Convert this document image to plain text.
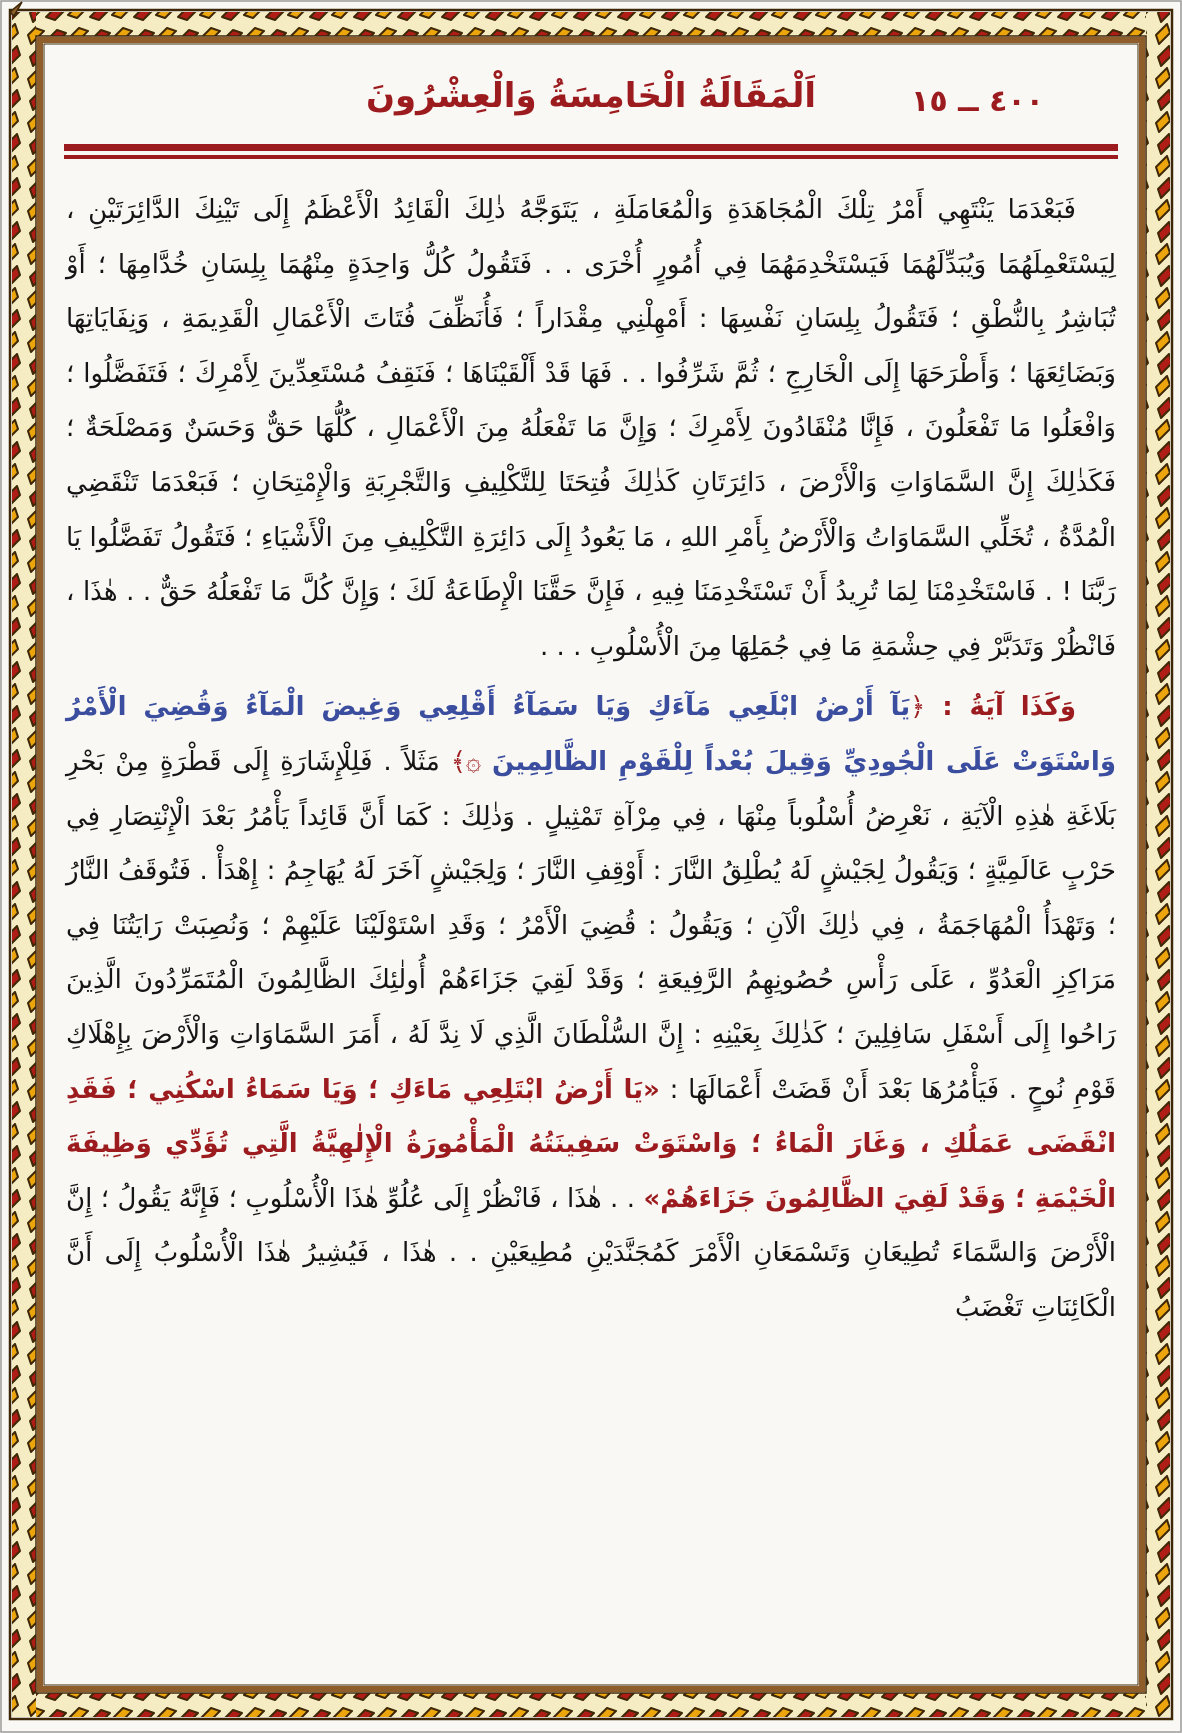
٤٠٠ ــ ١٥
اَلْمَقَالَةُ الْخَامِسَةُ وَالْعِشْرُونَ

فَبَعْدَمَا يَنْتَهِي أَمْرُ تِلْكَ الْمُجَاهَدَةِ وَالْمُعَامَلَةِ ، يَتَوَجَّهُ ذٰلِكَ الْقَائِدُ الْأَعْظَمُ إِلَى تَيْنِكَ الدَّائِرَتَيْنِ ، لِيَسْتَعْمِلَهُمَا وَيُبَدِّلَهُمَا فَيَسْتَخْدِمَهُمَا فِي أُمُورٍ أُخْرَى . . فَتَقُولُ كُلُّ وَاحِدَةٍ مِنْهُمَا بِلِسَانِ خُدَّامِهَا ؛ أَوْ تُبَاشِرُ بِالنُّطْقِ ؛ فَتَقُولُ بِلِسَانِ نَفْسِهَا : أَمْهِلْنِي مِقْدَاراً ؛ فَأُنَظِّفَ فُتَاتَ الْأَعْمَالِ الْقَدِيمَةِ ، وَنِفَايَاتِهَا وَبَضَائِعَهَا ؛ وَأَطْرَحَهَا إِلَى الْخَارِجِ ؛ ثُمَّ شَرِّفُوا . . فَهَا قَدْ أَلْقَيْنَاهَا ؛ فَنَقِفُ مُسْتَعِدِّينَ لِأَمْرِكَ ؛ فَتَفَضَّلُوا ؛ وَافْعَلُوا مَا تَفْعَلُونَ ، فَإِنَّا مُنْقَادُونَ لِأَمْرِكَ ؛ وَإِنَّ مَا تَفْعَلُهُ مِنَ الْأَعْمَالِ ، كُلُّهَا حَقٌّ وَحَسَنٌ وَمَصْلَحَةٌ ؛ فَكَذٰلِكَ إِنَّ السَّمَاوَاتِ وَالْأَرْضَ ، دَائِرَتَانِ كَذٰلِكَ فُتِحَتَا لِلتَّكْلِيفِ وَالتَّجْرِبَةِ وَالْإِمْتِحَانِ ؛ فَبَعْدَمَا تَنْقَضِي الْمُدَّةُ ، تُخَلِّي السَّمَاوَاتُ وَالْأَرْضُ بِأَمْرِ اللهِ ، مَا يَعُودُ إِلَى دَائِرَةِ التَّكْلِيفِ مِنَ الْأَشْيَاءِ ؛ فَتَقُولُ تَفَضَّلُوا يَا رَبَّنَا ! . فَاسْتَخْدِمْنَا لِمَا تُرِيدُ أَنْ تَسْتَخْدِمَنَا فِيهِ ، فَإِنَّ حَقَّنَا الْإِطَاعَةُ لَكَ ؛ وَإِنَّ كُلَّ مَا تَفْعَلُهُ حَقٌّ . . هٰذَا ، فَانْظُرْ وَتَدَبَّرْ فِي حِشْمَةِ مَا فِي جُمَلِهَا مِنَ الْأُسْلُوبِ . . .

وَكَذَا آيَةُ : ﴿يَآ أَرْضُ ابْلَعِي مَآءَكِ وَيَا سَمَآءُ أَقْلِعِي وَغِيضَ الْمَآءُ وَقُضِيَ الْأَمْرُ وَاسْتَوَتْ عَلَى الْجُودِيِّ وَقِيلَ بُعْداً لِلْقَوْمِ الظَّالِمِينَ ۞﴾ مَثَلاً . فَلِلْإِشَارَةِ إِلَى قَطْرَةٍ مِنْ بَحْرِ بَلَاغَةِ هٰذِهِ الْآيَةِ ، نَعْرِضُ أُسْلُوباً مِنْهَا ، فِي مِرْآةِ تَمْثِيلٍ . وَذٰلِكَ : كَمَا أَنَّ قَائِداً يَأْمُرُ بَعْدَ الْإِنْتِصَارِ فِي حَرْبٍ عَالَمِيَّةٍ ؛ وَيَقُولُ لِجَيْشٍ لَهُ يُطْلِقُ النَّارَ : أَوْقِفِ النَّارَ ؛ وَلِجَيْشٍ آخَرَ لَهُ يُهَاجِمُ : إِهْدَأْ . فَتُوقَفُ النَّارُ ؛ وَتَهْدَأُ الْمُهَاجَمَةُ ، فِي ذٰلِكَ الْآنِ ؛ وَيَقُولُ : قُضِيَ الْأَمْرُ ؛ وَقَدِ اسْتَوْلَيْنَا عَلَيْهِمْ ؛ وَنُصِبَتْ رَايَتُنَا فِي مَرَاكِزِ الْعَدُوِّ ، عَلَى رَأْسِ حُصُونِهِمُ الرَّفِيعَةِ ؛ وَقَدْ لَقِيَ جَزَاءَهُمْ أُولٰئِكَ الظَّالِمُونَ الْمُتَمَرِّدُونَ الَّذِينَ رَاحُوا إِلَى أَسْفَلِ سَافِلِينَ ؛ كَذٰلِكَ بِعَيْنِهِ : إِنَّ السُّلْطَانَ الَّذِي لَا نِدَّ لَهُ ، أَمَرَ السَّمَاوَاتِ وَالْأَرْضَ بِإِهْلَاكِ قَوْمِ نُوحٍ . فَيَأْمُرُهَا بَعْدَ أَنْ قَضَتْ أَعْمَالَهَا : «يَا أَرْضُ ابْتَلِعِي مَاءَكِ ؛ وَيَا سَمَاءُ اسْكُنِي ؛ فَقَدِ انْقَضَى عَمَلُكِ ، وَغَارَ الْمَاءُ ؛ وَاسْتَوَتْ سَفِينَتُهُ الْمَأْمُورَةُ الْإِلٰهِيَّةُ الَّتِي تُؤَدِّي وَظِيفَةَ الْخَيْمَةِ ؛ وَقَدْ لَقِيَ الظَّالِمُونَ جَزَاءَهُمْ» . . هٰذَا ، فَانْظُرْ إِلَى عُلُوِّ هٰذَا الْأُسْلُوبِ ؛ فَإِنَّهُ يَقُولُ ؛ إِنَّ الْأَرْضَ وَالسَّمَاءَ تُطِيعَانِ وَتَسْمَعَانِ الْأَمْرَ كَمُجَنَّدَيْنِ مُطِيعَيْنِ . . هٰذَا ، فَيُشِيرُ هٰذَا الْأُسْلُوبُ إِلَى أَنَّ الْكَائِنَاتِ تَغْضَبُ
